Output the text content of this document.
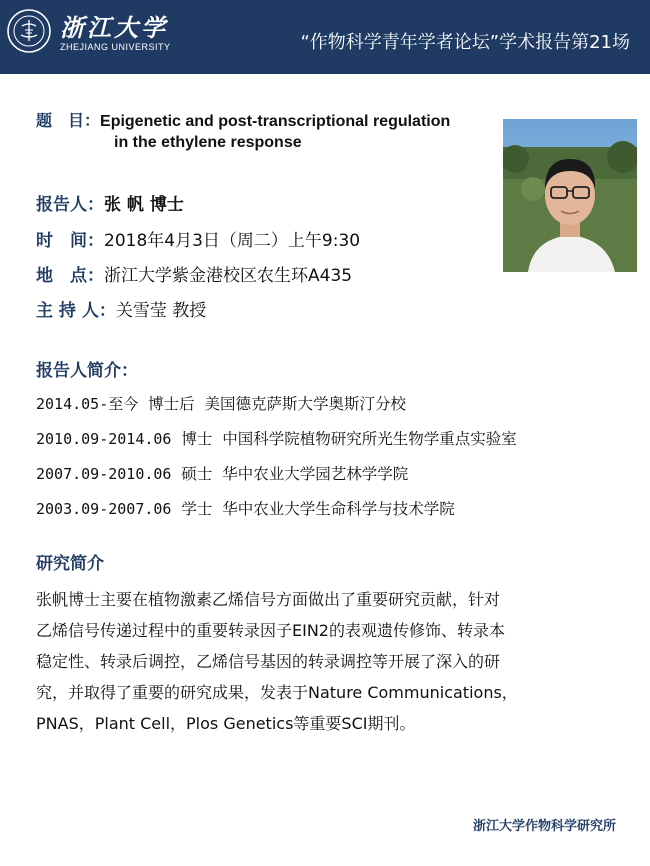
浙江大学
ZHEJIANG UNIVERSITY	“作物科学青年学者论坛”学术报告第21场
题　目：Epigenetic and post-transcriptional regulation
in the ethylene response
报告人：张 帆 博士
时　间：2018年4月3日（周二）上午9:30
地　点：浙江大学紫金港校区农生环A435
主 持 人：关雪莹 教授
报告人简介：
2014.05-至今 博士后 美国德克萨斯大学奥斯汀分校
2010.09-2014.06 博士 中国科学院植物研究所光生物学重点实验室
2007.09-2010.06 硕士 华中农业大学园艺林学学院
2003.09-2007.06 学士 华中农业大学生命科学与技术学院
研究简介

张帆博士主要在植物激素乙烯信号方面做出了重要研究贡献，针对

乙烯信号传递过程中的重要转录因子EIN2的表观遗传修饰、转录本

稳定性、转录后调控，乙烯信号基因的转录调控等开展了深入的研

究，并取得了重要的研究成果，发表于Nature Communications，

PNAS，Plant Cell，Plos Genetics等重要SCI期刊。

浙江大学作物科学研究所
